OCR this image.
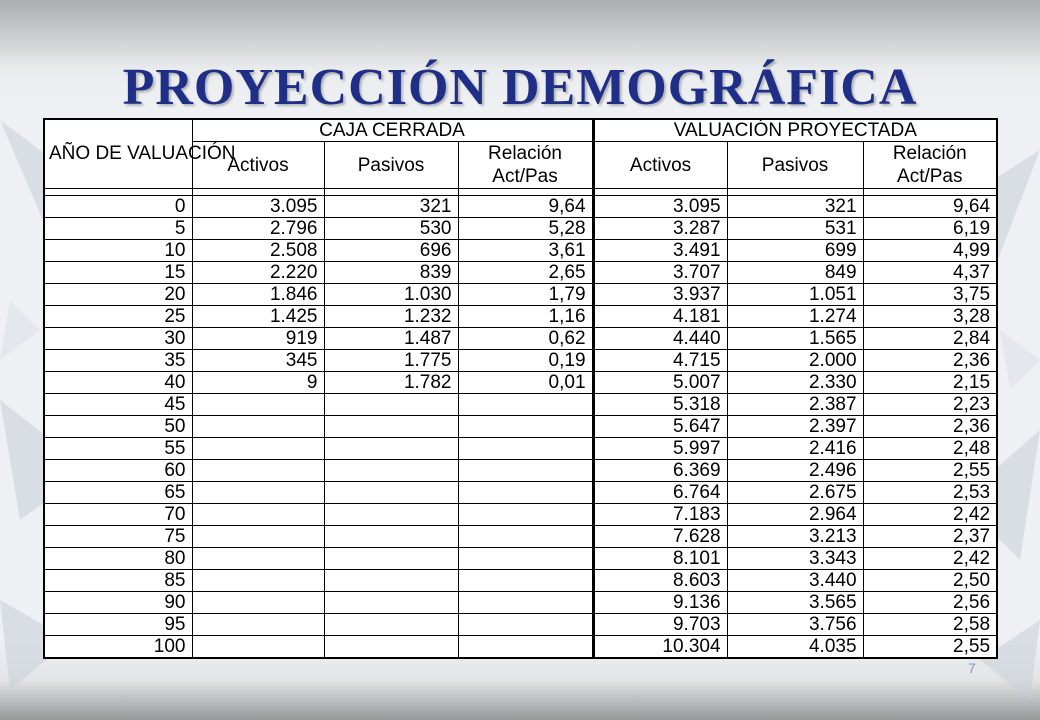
PROYECCIÓN DEMOGRÁFICA
AÑO DE VALUACIÓN	CAJA CERRADA			VALUACIÓN PROYECTADA		
	Activos	Pasivos	Relación Act/Pas	Activos	Pasivos	Relación Act/Pas

0	3.095	321	9,64	3.095	321	9,64
5	2.796	530	5,28	3.287	531	6,19
10	2.508	696	3,61	3.491	699	4,99
15	2.220	839	2,65	3.707	849	4,37
20	1.846	1.030	1,79	3.937	1.051	3,75
25	1.425	1.232	1,16	4.181	1.274	3,28
30	919	1.487	0,62	4.440	1.565	2,84
35	345	1.775	0,19	4.715	2.000	2,36
40	9	1.782	0,01	5.007	2.330	2,15
45				5.318	2.387	2,23
50				5.647	2.397	2,36
55				5.997	2.416	2,48
60				6.369	2.496	2,55
65				6.764	2.675	2,53
70				7.183	2.964	2,42
75				7.628	3.213	2,37
80				8.101	3.343	2,42
85				8.603	3.440	2,50
90				9.136	3.565	2,56
95				9.703	3.756	2,58
100				10.304	4.035	2,55
7
